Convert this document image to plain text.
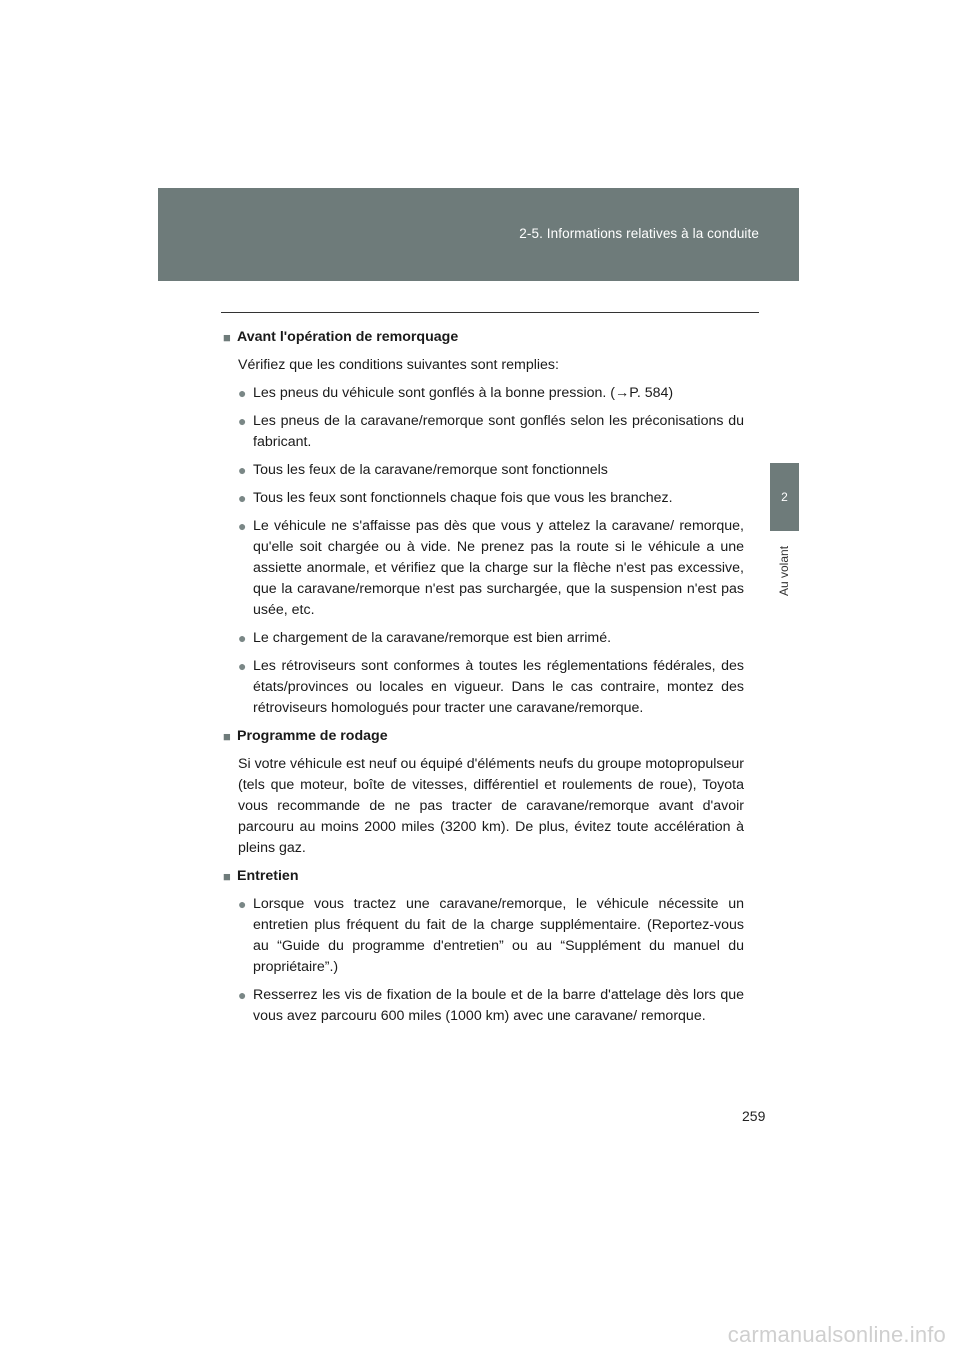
2-5. Informations relatives à la conduite
2
Au volant
■ Avant l'opération de remorquage
Vérifiez que les conditions suivantes sont remplies:
● Les pneus du véhicule sont gonflés à la bonne pression. (→P. 584)
● Les pneus de la caravane/remorque sont gonflés selon les préconisations du fabricant.
● Tous les feux de la caravane/remorque sont fonctionnels
● Tous les feux sont fonctionnels chaque fois que vous les branchez.
● Le véhicule ne s'affaisse pas dès que vous y attelez la caravane/ remorque, qu'elle soit chargée ou à vide. Ne prenez pas la route si le véhicule a une assiette anormale, et vérifiez que la charge sur la flèche n'est pas excessive, que la caravane/remorque n'est pas surchargée, que la suspension n'est pas usée, etc.
● Le chargement de la caravane/remorque est bien arrimé.
● Les rétroviseurs sont conformes à toutes les réglementations fédérales, des états/provinces ou locales en vigueur. Dans le cas contraire, montez des rétroviseurs homologués pour tracter une caravane/remorque.
■ Programme de rodage
Si votre véhicule est neuf ou équipé d'éléments neufs du groupe motopropulseur (tels que moteur, boîte de vitesses, différentiel et roulements de roue), Toyota vous recommande de ne pas tracter de caravane/remorque avant d'avoir parcouru au moins 2000 miles (3200 km). De plus, évitez toute accélération à pleins gaz.
■ Entretien
● Lorsque vous tractez une caravane/remorque, le véhicule nécessite un entretien plus fréquent du fait de la charge supplémentaire. (Reportez-vous au “Guide du programme d'entretien” ou au “Supplément du manuel du propriétaire”.)
● Resserrez les vis de fixation de la boule et de la barre d'attelage dès lors que vous avez parcouru 600 miles (1000 km) avec une caravane/ remorque.
259
carmanualsonline.info
